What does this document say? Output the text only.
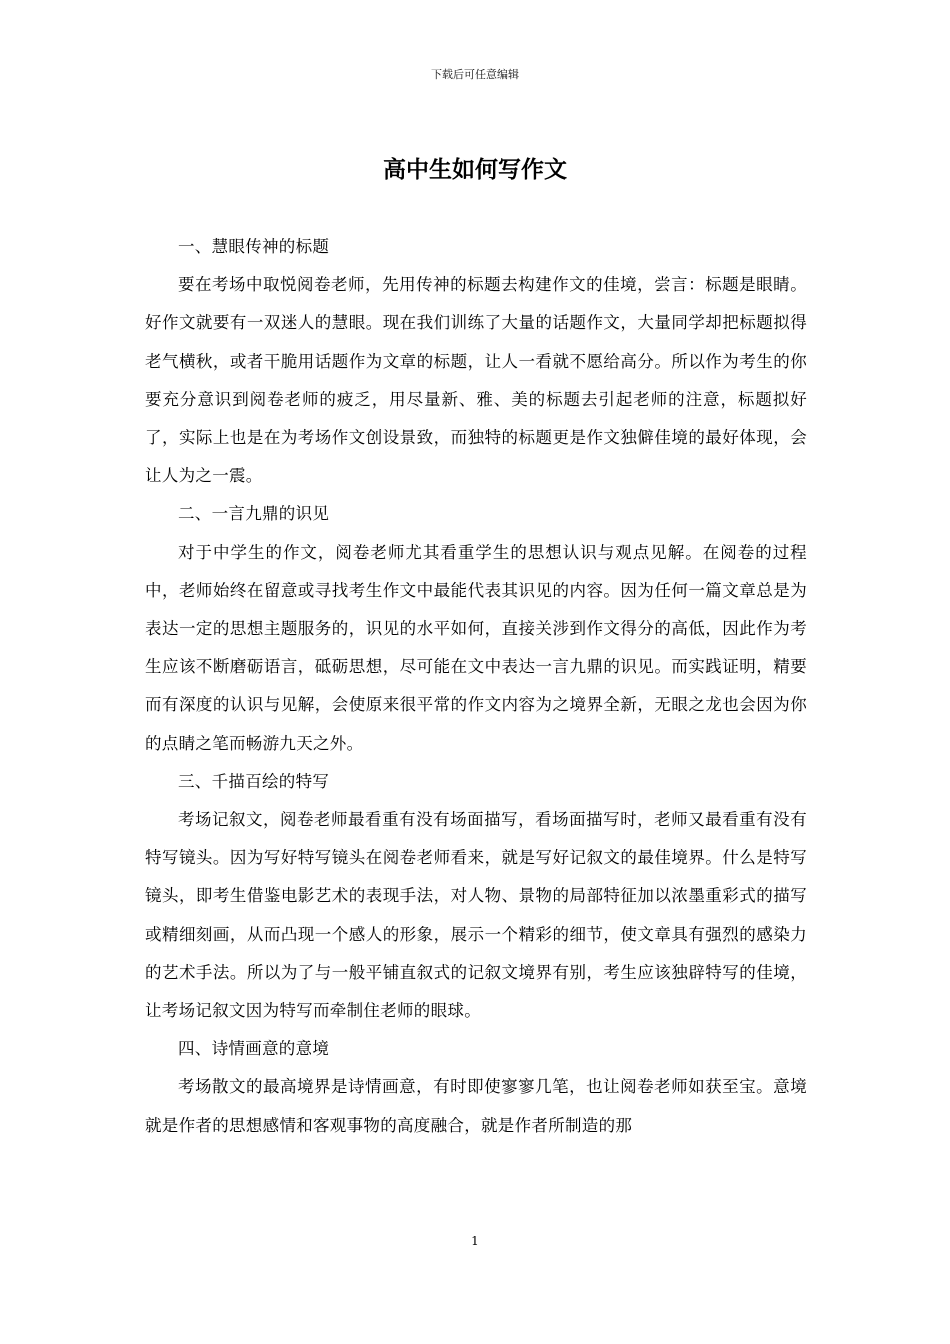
下载后可任意编辑
高中生如何写作文

一、慧眼传神的标题

要在考场中取悦阅卷老师，先用传神的标题去构建作文的佳境，尝言：标题是眼睛。好作文就要有一双迷人的慧眼。现在我们训练了大量的话题作文，大量同学却把标题拟得老气横秋，或者干脆用话题作为文章的标题，让人一看就不愿给高分。所以作为考生的你要充分意识到阅卷老师的疲乏，用尽量新、雅、美的标题去引起老师的注意，标题拟好了，实际上也是在为考场作文创设景致，而独特的标题更是作文独僻佳境的最好体现，会让人为之一震。

二、一言九鼎的识见

对于中学生的作文，阅卷老师尤其看重学生的思想认识与观点见解。在阅卷的过程中，老师始终在留意或寻找考生作文中最能代表其识见的内容。因为任何一篇文章总是为表达一定的思想主题服务的，识见的水平如何，直接关涉到作文得分的高低，因此作为考生应该不断磨砺语言，砥砺思想，尽可能在文中表达一言九鼎的识见。而实践证明，精要而有深度的认识与见解，会使原来很平常的作文内容为之境界全新，无眼之龙也会因为你的点睛之笔而畅游九天之外。

三、千描百绘的特写

考场记叙文，阅卷老师最看重有没有场面描写，看场面描写时，老师又最看重有没有特写镜头。因为写好特写镜头在阅卷老师看来，就是写好记叙文的最佳境界。什么是特写镜头，即考生借鉴电影艺术的表现手法，对人物、景物的局部特征加以浓墨重彩式的描写或精细刻画，从而凸现一个感人的形象，展示一个精彩的细节，使文章具有强烈的感染力的艺术手法。所以为了与一般平铺直叙式的记叙文境界有别，考生应该独辟特写的佳境，让考场记叙文因为特写而牵制住老师的眼球。

四、诗情画意的意境

考场散文的最高境界是诗情画意，有时即使寥寥几笔，也让阅卷老师如获至宝。意境就是作者的思想感情和客观事物的高度融合，就是作者所制造的那

1
